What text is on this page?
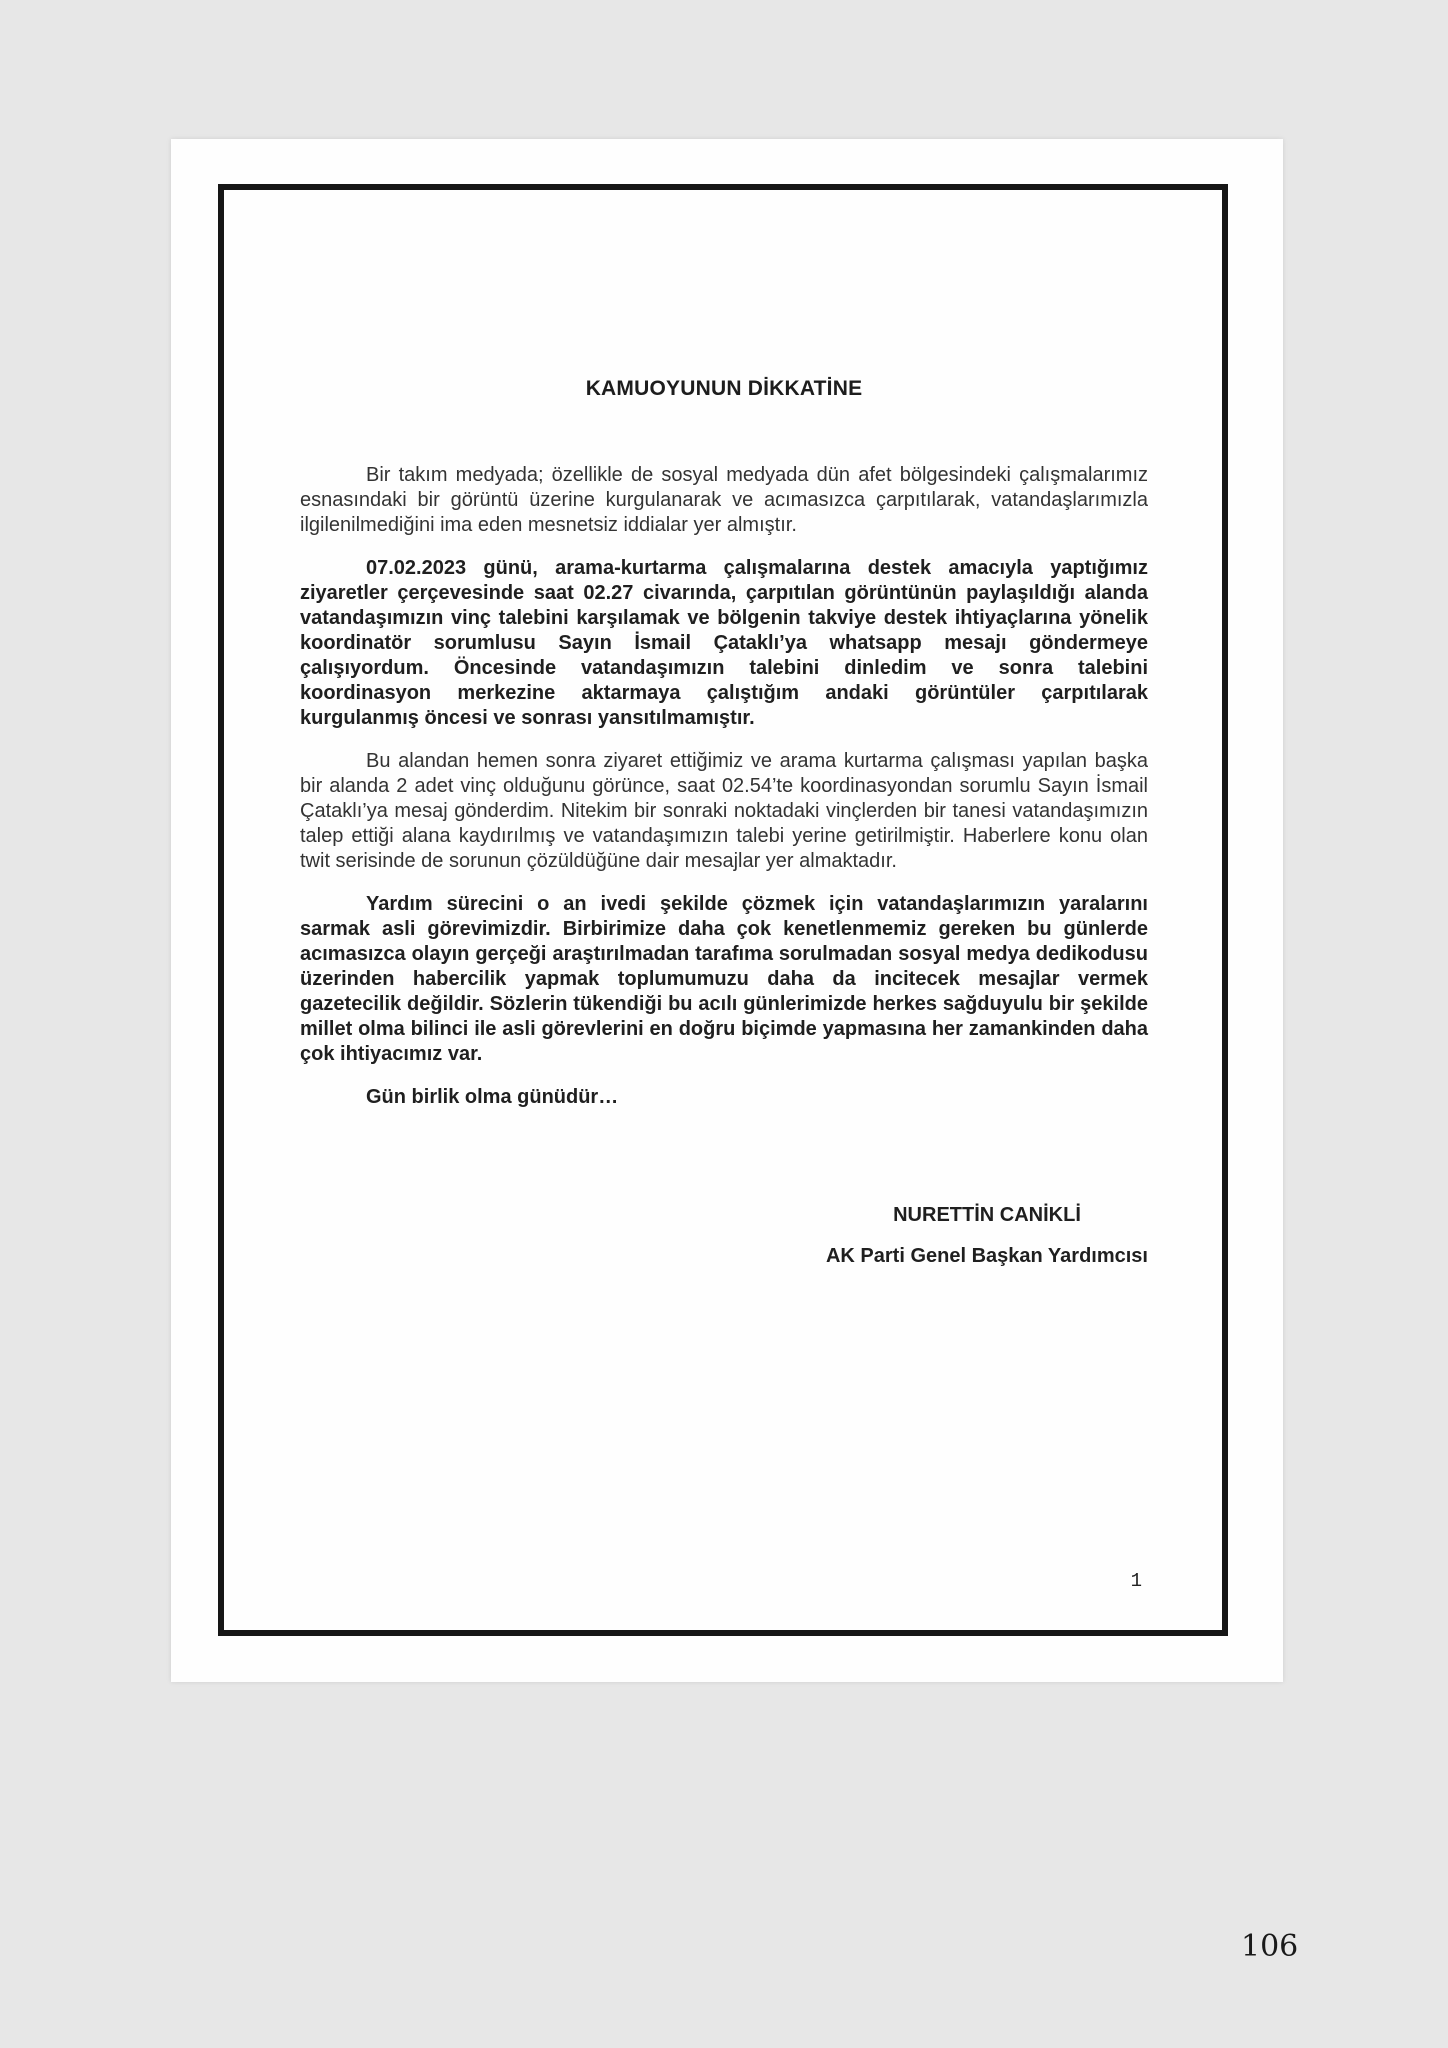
KAMUOYUNUN DİKKATİNE

Bir takım medyada; özellikle de sosyal medyada dün afet bölgesindeki çalışmalarımız esnasındaki bir görüntü üzerine kurgulanarak ve acımasızca çarpıtılarak, vatandaşlarımızla ilgilenilmediğini ima eden mesnetsiz iddialar yer almıştır.

07.02.2023 günü, arama-kurtarma çalışmalarına destek amacıyla yaptığımız ziyaretler çerçevesinde saat 02.27 civarında, çarpıtılan görüntünün paylaşıldığı alanda vatandaşımızın vinç talebini karşılamak ve bölgenin takviye destek ihtiyaçlarına yönelik koordinatör sorumlusu Sayın İsmail Çataklı’ya whatsapp mesajı göndermeye çalışıyordum. Öncesinde vatandaşımızın talebini dinledim ve sonra talebini koordinasyon merkezine aktarmaya çalıştığım andaki görüntüler çarpıtılarak kurgulanmış öncesi ve sonrası yansıtılmamıştır.

Bu alandan hemen sonra ziyaret ettiğimiz ve arama kurtarma çalışması yapılan başka bir alanda 2 adet vinç olduğunu görünce, saat 02.54’te koordinasyondan sorumlu Sayın İsmail Çataklı’ya mesaj gönderdim. Nitekim bir sonraki noktadaki vinçlerden bir tanesi vatandaşımızın talep ettiği alana kaydırılmış ve vatandaşımızın talebi yerine getirilmiştir. Haberlere konu olan twit serisinde de sorunun çözüldüğüne dair mesajlar yer almaktadır.

Yardım sürecini o an ivedi şekilde çözmek için vatandaşlarımızın yaralarını sarmak asli görevimizdir. Birbirimize daha çok kenetlenmemiz gereken bu günlerde acımasızca olayın gerçeği araştırılmadan tarafıma sorulmadan sosyal medya dedikodusu üzerinden habercilik yapmak toplumumuzu daha da incitecek mesajlar vermek gazetecilik değildir. Sözlerin tükendiği bu acılı günlerimizde herkes sağduyulu bir şekilde millet olma bilinci ile asli görevlerini en doğru biçimde yapmasına her zamankinden daha çok ihtiyacımız var.

Gün birlik olma günüdür…

NURETTİN CANİKLİ
AK Parti Genel Başkan Yardımcısı
1
106
